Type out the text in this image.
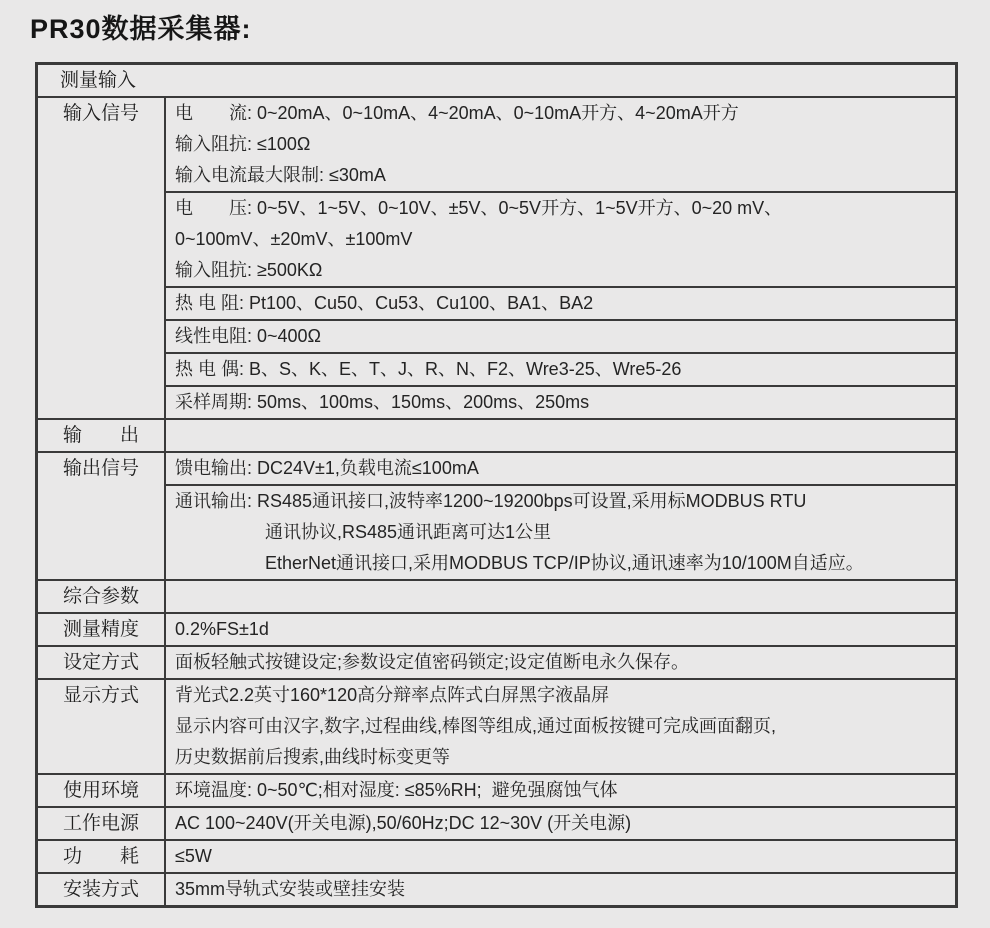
PR30数据采集器:
测量输入
输入信号	电　　流: 0~20mA、0~10mA、4~20mA、0~10mA开方、4~20mA开方
输入阻抗: ≤100Ω
输入电流最大限制: ≤30mA
电　　压: 0~5V、1~5V、0~10V、±5V、0~5V开方、1~5V开方、0~20 mV、
0~100mV、±20mV、±100mV
输入阻抗: ≥500KΩ
热 电 阻: Pt100、Cu50、Cu53、Cu100、BA1、BA2
线性电阻: 0~400Ω
热 电 偶: B、S、K、E、T、J、R、N、F2、Wre3-25、Wre5-26
采样周期: 50ms、100ms、150ms、200ms、250ms
输　　出
输出信号	馈电输出: DC24V±1,负载电流≤100mA
通讯输出: RS485通讯接口,波特率1200~19200bps可设置,采用标MODBUS RTU
通讯协议,RS485通讯距离可达1公里
EtherNet通讯接口,采用MODBUS TCP/IP协议,通讯速率为10/100M自适应。
综合参数
测量精度	0.2%FS±1d
设定方式	面板轻触式按键设定;参数设定值密码锁定;设定值断电永久保存。
显示方式	背光式2.2英寸160*120高分辩率点阵式白屏黑字液晶屏
显示内容可由汉字,数字,过程曲线,棒图等组成,通过面板按键可完成画面翻页,
历史数据前后搜索,曲线时标变更等
使用环境	环境温度: 0~50℃;相对湿度: ≤85%RH;  避免强腐蚀气体
工作电源	AC 100~240V(开关电源),50/60Hz;DC 12~30V (开关电源)
功　　耗	≤5W
安装方式	35mm导轨式安装或壁挂安装
